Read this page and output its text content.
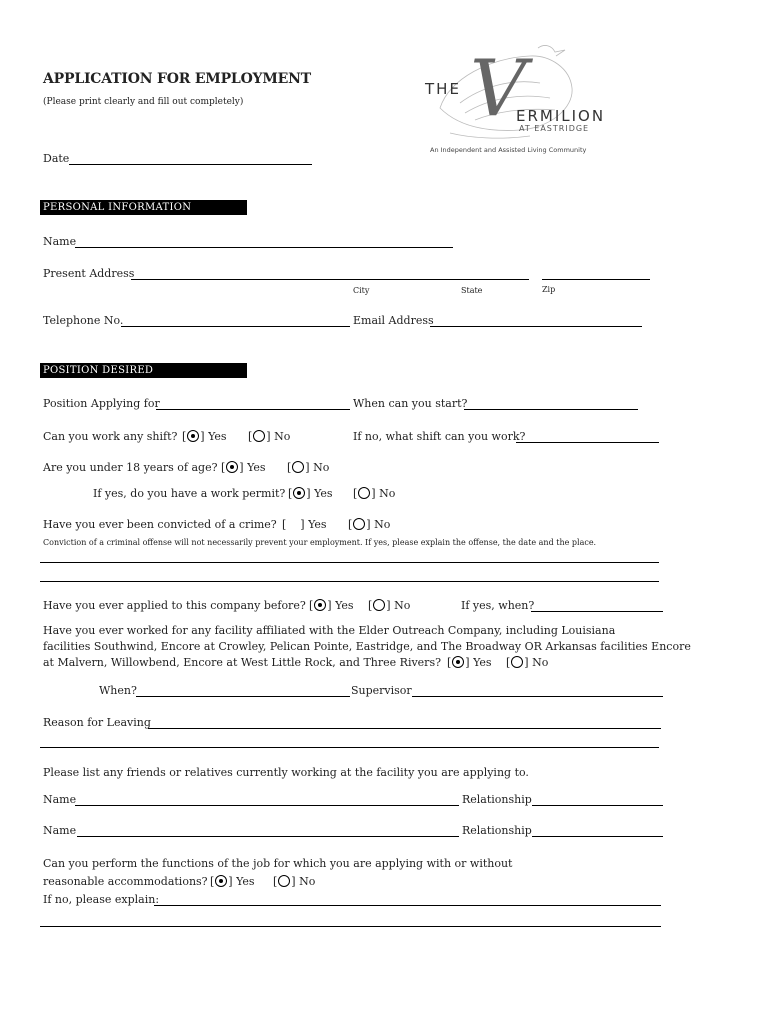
APPLICATION FOR EMPLOYMENT
(Please print clearly and fill out completely)
Date
THE V
ERMILION
AT EASTRIDGE
An Independent and Assisted Living Community
PERSONAL INFORMATION
Name
Present Address
City	State	Zip
Telephone No.	Email Address
POSITION DESIRED
Position Applying for	When can you start?
Can you work any shift? [ ] Yes [ ] No	If no, what shift can you work?
Are you under 18 years of age? [ ] Yes [ ] No
If yes, do you have a work permit? [ ] Yes [ ] No
Have you ever been convicted of a crime? [    ] Yes [ ] No
Conviction of a criminal offense will not necessarily prevent your employment. If yes, please explain the offense, the date and the place.
Have you ever applied to this company before? [ ] Yes [ ] No	If yes, when?
Have you ever worked for any facility affiliated with the Elder Outreach Company, including Louisiana
facilities Southwind, Encore at Crowley, Pelican Pointe, Eastridge, and The Broadway OR Arkansas facilities Encore
at Malvern, Willowbend, Encore at West Little Rock, and Three Rivers? [ ] Yes [ ] No
When?	Supervisor
Reason for Leaving
Please list any friends or relatives currently working at the facility you are applying to.
Name	Relationship
Name	Relationship
Can you perform the functions of the job for which you are applying with or without
reasonable accommodations? [ ] Yes [ ] No
If no, please explain:
